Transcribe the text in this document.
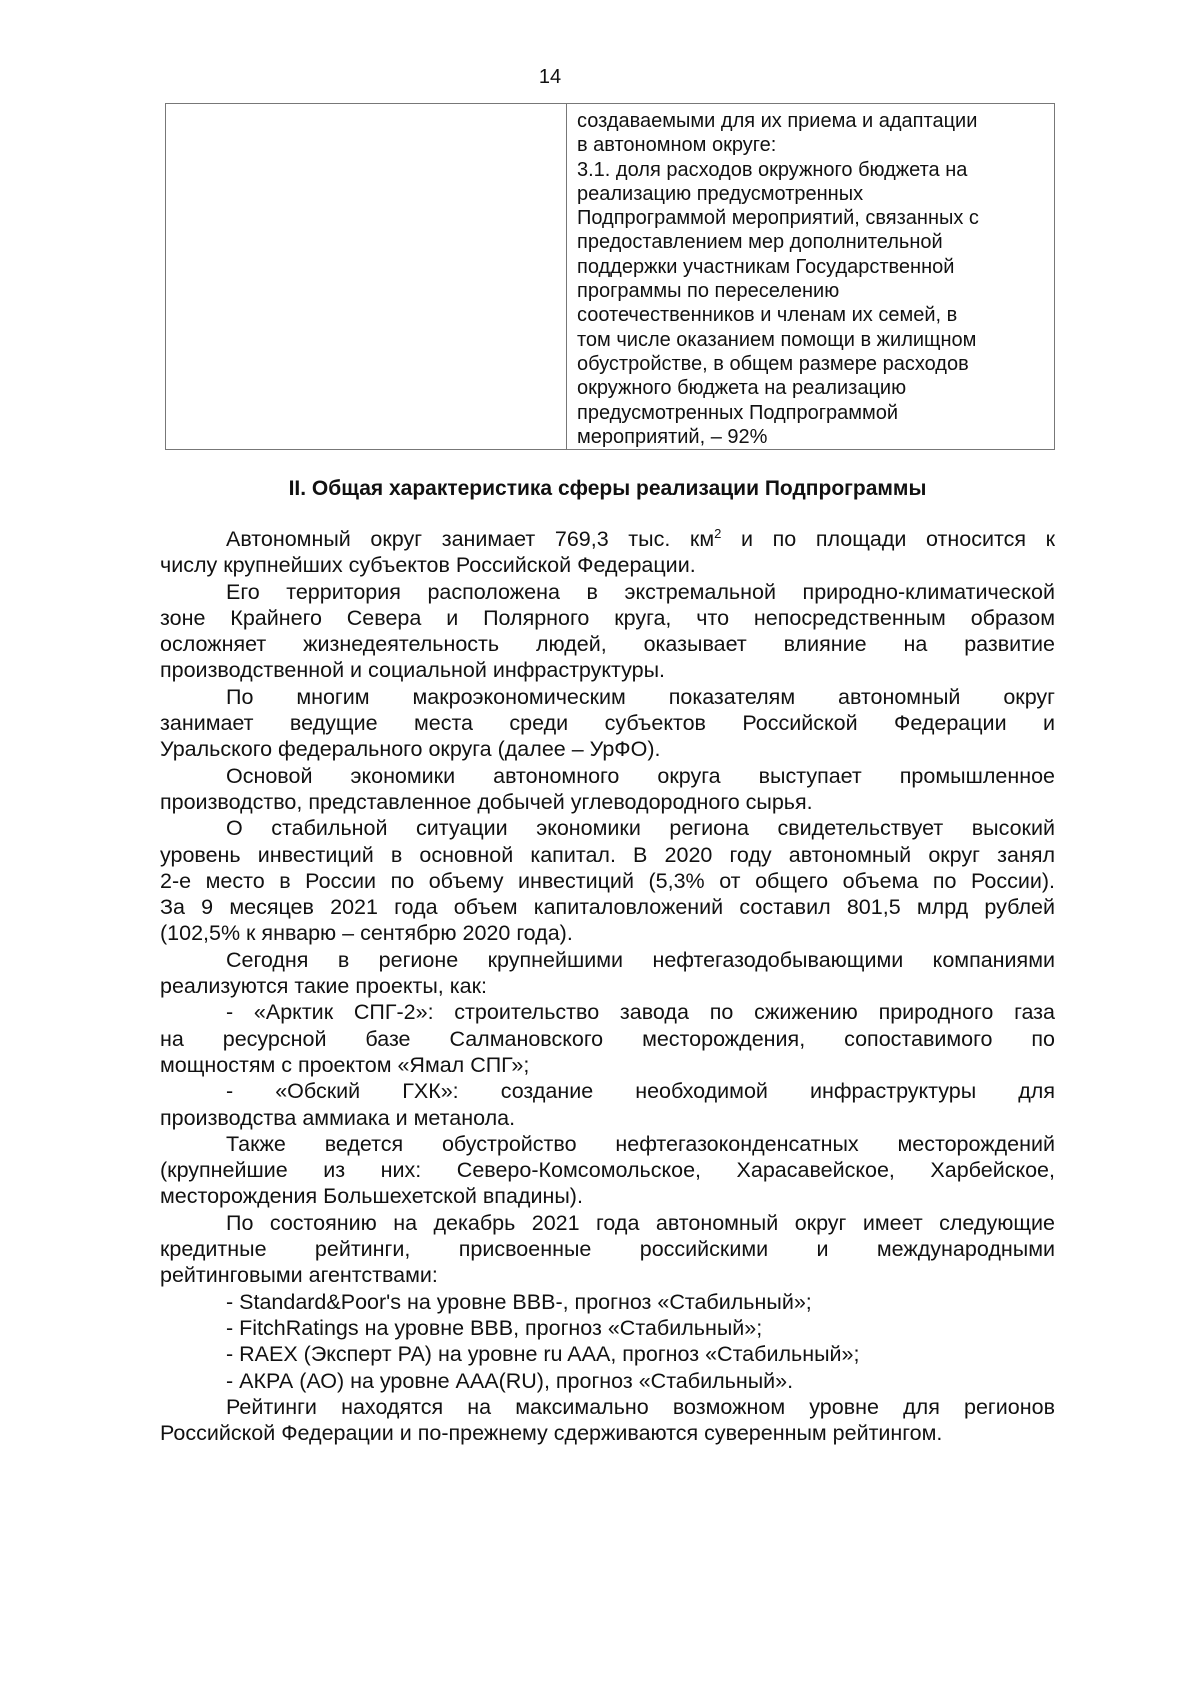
14

создаваемыми для их приема и адаптации
в автономном округе:
3.1. доля расходов окружного бюджета на
реализацию предусмотренных
Подпрограммой мероприятий, связанных с
предоставлением мер дополнительной
поддержки участникам Государственной
программы по переселению
соотечественников и членам их семей, в
том числе оказанием помощи в жилищном
обустройстве, в общем размере расходов
окружного бюджета на реализацию
предусмотренных Подпрограммой
мероприятий, – 92%
II. Общая характеристика сферы реализации Подпрограммы
Автономный округ занимает 769,3 тыс. $км^2$ и по площади относится к
числу крупнейших субъектов Российской Федерации.
Его территория расположена в экстремальной природно-климатической
зоне Крайнего Севера и Полярного круга, что непосредственным образом
осложняет жизнедеятельность людей, оказывает влияние на развитие
производственной и социальной инфраструктуры.
По многим макроэкономическим показателям автономный округ
занимает ведущие места среди субъектов Российской Федерации и
Уральского федерального округа (далее – УрФО).
Основой экономики автономного округа выступает промышленное
производство, представленное добычей углеводородного сырья.
О стабильной ситуации экономики региона свидетельствует высокий
уровень инвестиций в основной капитал. В 2020 году автономный округ занял
2-е место в России по объему инвестиций (5,3% от общего объема по России).
За 9 месяцев 2021 года объем капиталовложений составил 801,5 млрд рублей
(102,5% к январю – сентябрю 2020 года).
Сегодня в регионе крупнейшими нефтегазодобывающими компаниями
реализуются такие проекты, как:
- «Арктик СПГ-2»: строительство завода по сжижению природного газа
на ресурсной базе Салмановского месторождения, сопоставимого по
мощностям с проектом «Ямал СПГ»;
- «Обский ГХК»: создание необходимой инфраструктуры для
производства аммиака и метанола.
Также ведется обустройство нефтегазоконденсатных месторождений
(крупнейшие из них: Северо-Комсомольское, Харасавейское, Харбейское,
месторождения Большехетской впадины).
По состоянию на декабрь 2021 года автономный округ имеет следующие
кредитные рейтинги, присвоенные российскими и международными
рейтинговыми агентствами:
- Standard&Poor's на уровне BBB-, прогноз «Стабильный»;
- FitchRatings на уровне BBB, прогноз «Стабильный»;
- RAEX (Эксперт РА) на уровне ru AAA, прогноз «Стабильный»;
- АКРА (АО) на уровне AAA(RU), прогноз «Стабильный».
Рейтинги находятся на максимально возможном уровне для регионов
Российской Федерации и по-прежнему сдерживаются суверенным рейтингом.
